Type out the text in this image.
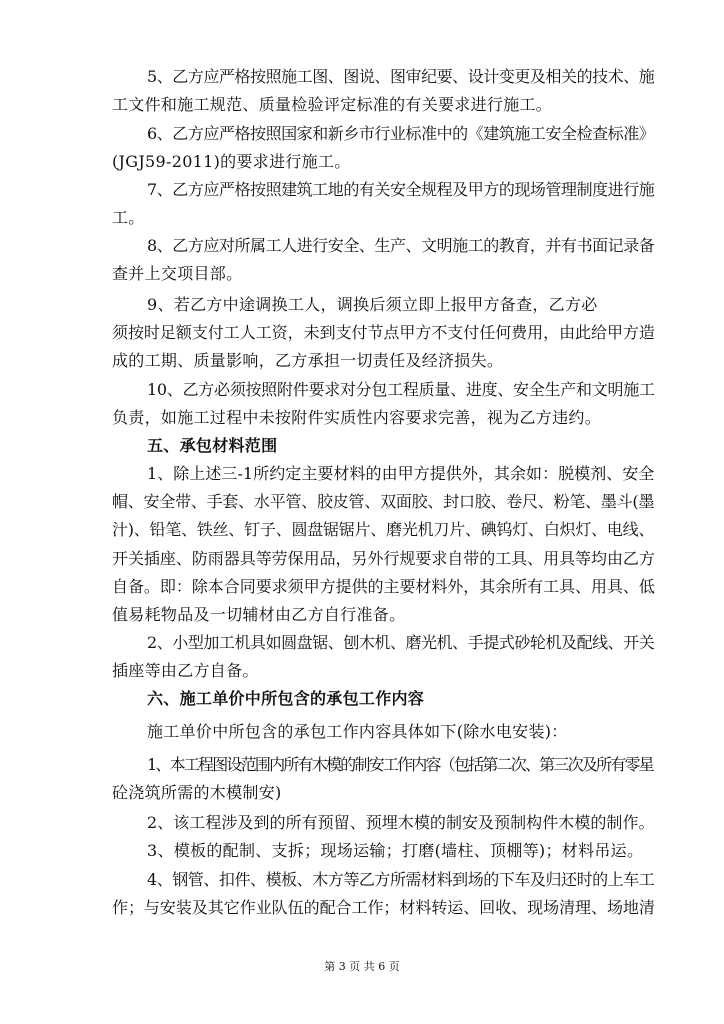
5、乙方应严格按照施工图、图说、图审纪要、设计变更及相关的技术、施
工文件和施工规范、质量检验评定标准的有关要求进行施工。
6、乙方应严格按照国家和新乡市行业标准中的《建筑施工安全检查标准》
(JGJ59-2011)的要求进行施工。
7、乙方应严格按照建筑工地的有关安全规程及甲方的现场管理制度进行施
工。
8、乙方应对所属工人进行安全、生产、文明施工的教育，并有书面记录备
查并上交项目部。
9、若乙方中途调换工人，调换后须立即上报甲方备查，乙方必
须按时足额支付工人工资，未到支付节点甲方不支付任何费用，由此给甲方造
成的工期、质量影响，乙方承担一切责任及经济损失。
10、乙方必须按照附件要求对分包工程质量、进度、安全生产和文明施工
负责，如施工过程中未按附件实质性内容要求完善，视为乙方违约。
五、承包材料范围
1、除上述三-1所约定主要材料的由甲方提供外，其余如：脱模剂、安全
帽、安全带、手套、水平管、胶皮管、双面胶、封口胶、卷尺、粉笔、墨斗(墨
汁)、铅笔、铁丝、钉子、圆盘锯锯片、磨光机刀片、碘钨灯、白炽灯、电线、
开关插座、防雨器具等劳保用品，另外行规要求自带的工具、用具等均由乙方
自备。即：除本合同要求须甲方提供的主要材料外，其余所有工具、用具、低
值易耗物品及一切辅材由乙方自行准备。
2、小型加工机具如圆盘锯、刨木机、磨光机、手提式砂轮机及配线、开关
插座等由乙方自备。
六、施工单价中所包含的承包工作内容
施工单价中所包含的承包工作内容具体如下(除水电安装)：
1、本工程图设范围内所有木模的制安工作内容（包括第二次、第三次及所有零星
砼浇筑所需的木模制安)
2、该工程涉及到的所有预留、预埋木模的制安及预制构件木模的制作。
3、模板的配制、支拆；现场运输；打磨(墙柱、顶棚等)；材料吊运。
4、钢管、扣件、模板、木方等乙方所需材料到场的下车及归还时的上车工
作；与安装及其它作业队伍的配合工作；材料转运、回收、现场清理、场地清
第 3 页 共 6 页
